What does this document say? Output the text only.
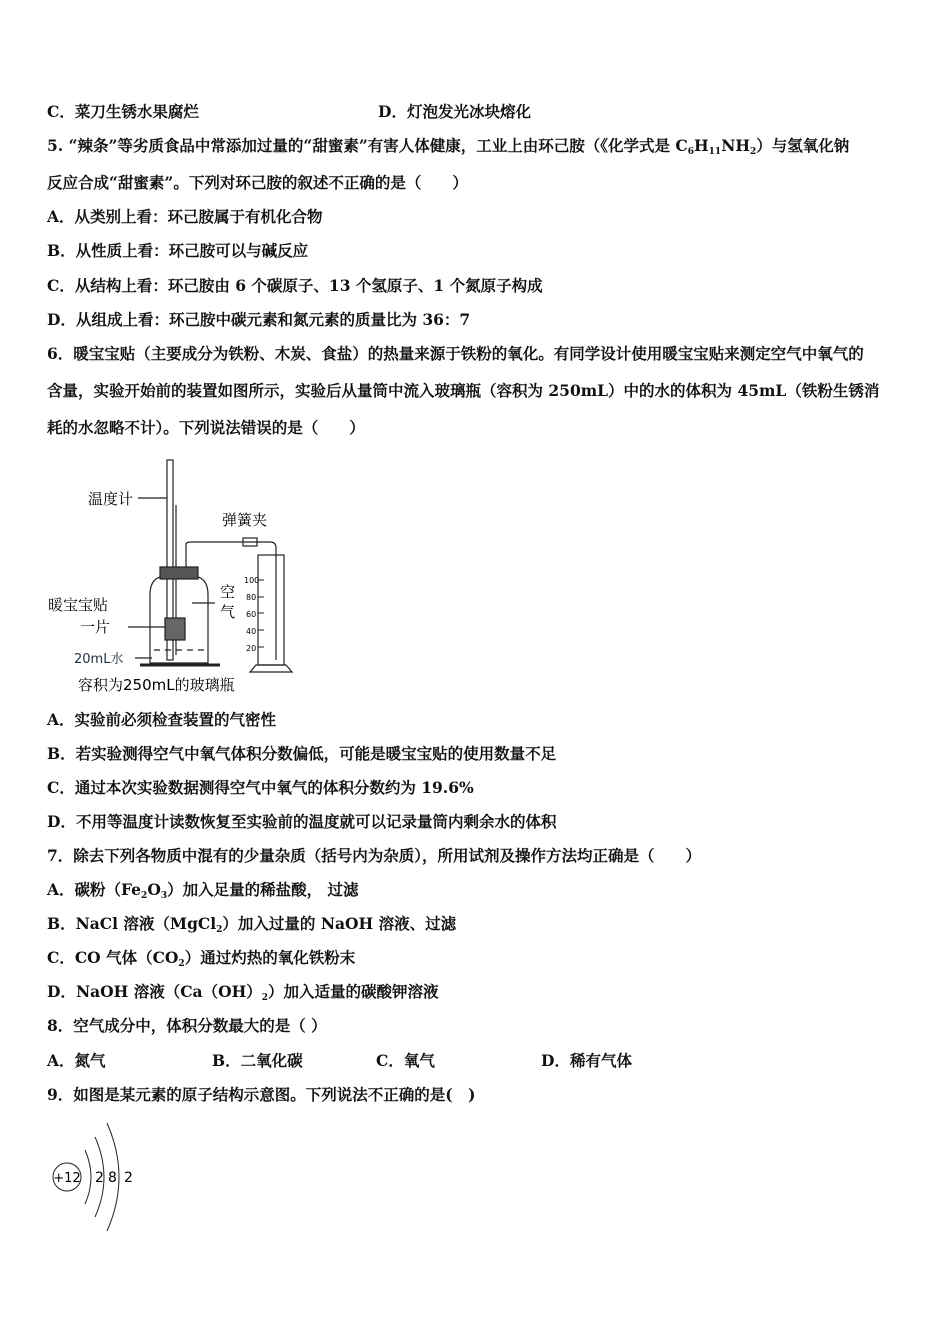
5. “辣条”等劣质食品中常添加过量的“甜蜜素”有害人体健康，工业上由环己胺（《化学式是 $C_6H_{11}NH_2$）与氢氧化钠
反应合成“甜蜜素”。下列对环己胺的叙述不正确的是（　　）
A．从类别上看：环己胺属于有机化合物
B．从性质上看：环己胺可以与碱反应
C．从结构上看：环己胺由 6 个碳原子、13 个氢原子、1 个氮原子构成
D．从组成上看：环己胺中碳元素和氮元素的质量比为 36：7
6．暖宝宝贴（主要成分为铁粉、木炭、食盐）的热量来源于铁粉的氧化。有同学设计使用暖宝宝贴来测定空气中氧气的
含量，实验开始前的装置如图所示，实验后从量筒中流入玻璃瓶（容积为 250mL）中的水的体积为 45mL（铁粉生锈消
耗的水忽略不计）。下列说法错误的是（　　）
A．实验前必须检查装置的气密性
B．若实验测得空气中氧气体积分数偏低，可能是暖宝宝贴的使用数量不足
C．通过本次实验数据测得空气中氧气的体积分数约为 19.6%
D．不用等温度计读数恢复至实验前的温度就可以记录量筒内剩余水的体积
7．除去下列各物质中混有的少量杂质（括号内为杂质），所用试剂及操作方法均正确是（　　）
A．碳粉$(Fe_2O_3)$加入足量的稀盐酸， 过滤
B．NaCl 溶液（MgCl$_2$）加入过量的 NaOH 溶液、过滤
C．CO 气体$(CO_2)$通过灼热的氧化铁粉末
D．NaOH 溶液$(Ca(OH)_2)$加入适量的碳酸钾溶液
8．空气成分中，体积分数最大的是（ ）
9．如图是某元素的原子结构示意图。下列说法不正确的是(　)
C．菜刀生锈水果腐烂	D．灯泡发光冰块熔化
A．氮气	B．二氧化碳	C．氧气	D．稀有气体
温度计
弹簧夹
空
气
暖宝宝贴
一片
20mL水
容积为250mL的玻璃瓶
100
80
60
40
20
+12 2 8 2
